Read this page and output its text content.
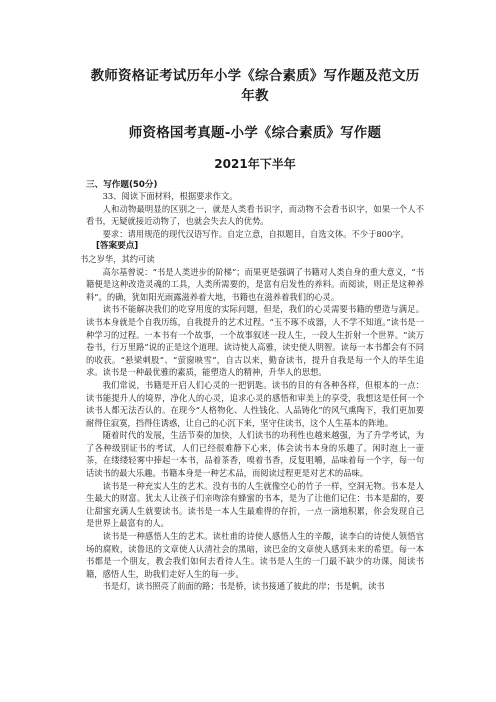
教师资格证考试历年小学《综合素质》写作题及范文历年教
师资格国考真题-小学《综合素质》写作题
2021年下半年
三、写作题(50分)

33、阅读下面材料，根据要求作文。

人和动物最明显的区别之一，就是人类看书识字，而动物不会看书识字，如果一个人不看书，无疑就接近动物了，也就会失去人的优势。

要求：请用规范的现代汉语写作。自定立意，自拟题目，自选文体。不少于800字。

[答案要点]

书之岁华，其约可读

高尔基曾说：“书是人类进步的阶梯”；而果更是强调了书籍对人类自身的重大意义，“书籍便是这种改造灵魂的工具，人类所需要的，是富有启发性的养料。而阅读，则正是这种养料”。的确，犹如阳光雨露滋养着大地，书籍也在滋养着我们的心灵。

读书不能解决我们的吃穿用度的实际问题，但是，我们的心灵需要书籍的塑造与满足。读书本身就是个自我历练，自我提升的艺术过程。“玉不琢不成器，人不学不知道。”读书是一种学习的过程。一本书有一个故事，一个故事叙述一段人生，一段人生折射一个世界。“读万卷书，行万里路”说的正是这个道理。读诗使人高雅，读史使人明智。读每一本书都会有不同的收获。“悬梁刺股”、“萤窗映雪”，自古以来，勤奋读书，提升自我是每一个人的毕生追求。读书是一种最优雅的素质，能塑造人的精神，升华人的思想。

我们常说，书籍是开启人们心灵的一把钥匙。读书的目的有各种各样，但根本的一点：读书能提升人的境界，净化人的心灵，追求心灵的感悟和审美上的享受，我想这是任何一个读书人都无法否认的。在现今“人格物化、人性钱化、人品铸化”的风气熏陶下，我们更加要耐得住寂寞，挡得住诱惑，让自己的心沉下来，坚守住读书，这个人生基本的阵地。

随着时代的发展，生活节奏的加快，人们读书的功利性也越来越强，为了升学考试，为了各种级别证书的考试，人们已经很难静下心来，体会读书本身的乐趣了。闲时泡上一壶茶，在缕缕轻雾中捧起一本书，品着茶香，嗅着书香，反复咀嚼，品味着每一个字，每一句话读书的最大乐趣。书籍本身是一种艺术品，而阅读过程更是对艺术的品味。

读书是一种充实人生的艺术。没有书的人生就像空心的竹子一样，空洞无物。书本是人生最大的财富。犹太人让孩子们亲吻涂有蜂蜜的书本，是为了让他们记住：书本是甜的，要让甜蜜充满人生就要读书。读书是一本人生最难得的存折，一点一滴地积累，你会发现自己是世界上最富有的人。

读书是一种感悟人生的艺术。读杜甫的诗使人感悟人生的辛酸，读李白的诗使人领悟官场的腐败，读鲁迅的文章使人认清社会的黑暗，读巴金的文章使人感到未来的希望。每一本书都是一个朋友，教会我们如何去看待人生。读书是人生的一门最不缺少的功课，阅读书籍，感悟人生，助我们走好人生的每一步。

书是灯，读书照亮了前面的路；书是桥，读书接通了彼此的岸；书是帆，读书
